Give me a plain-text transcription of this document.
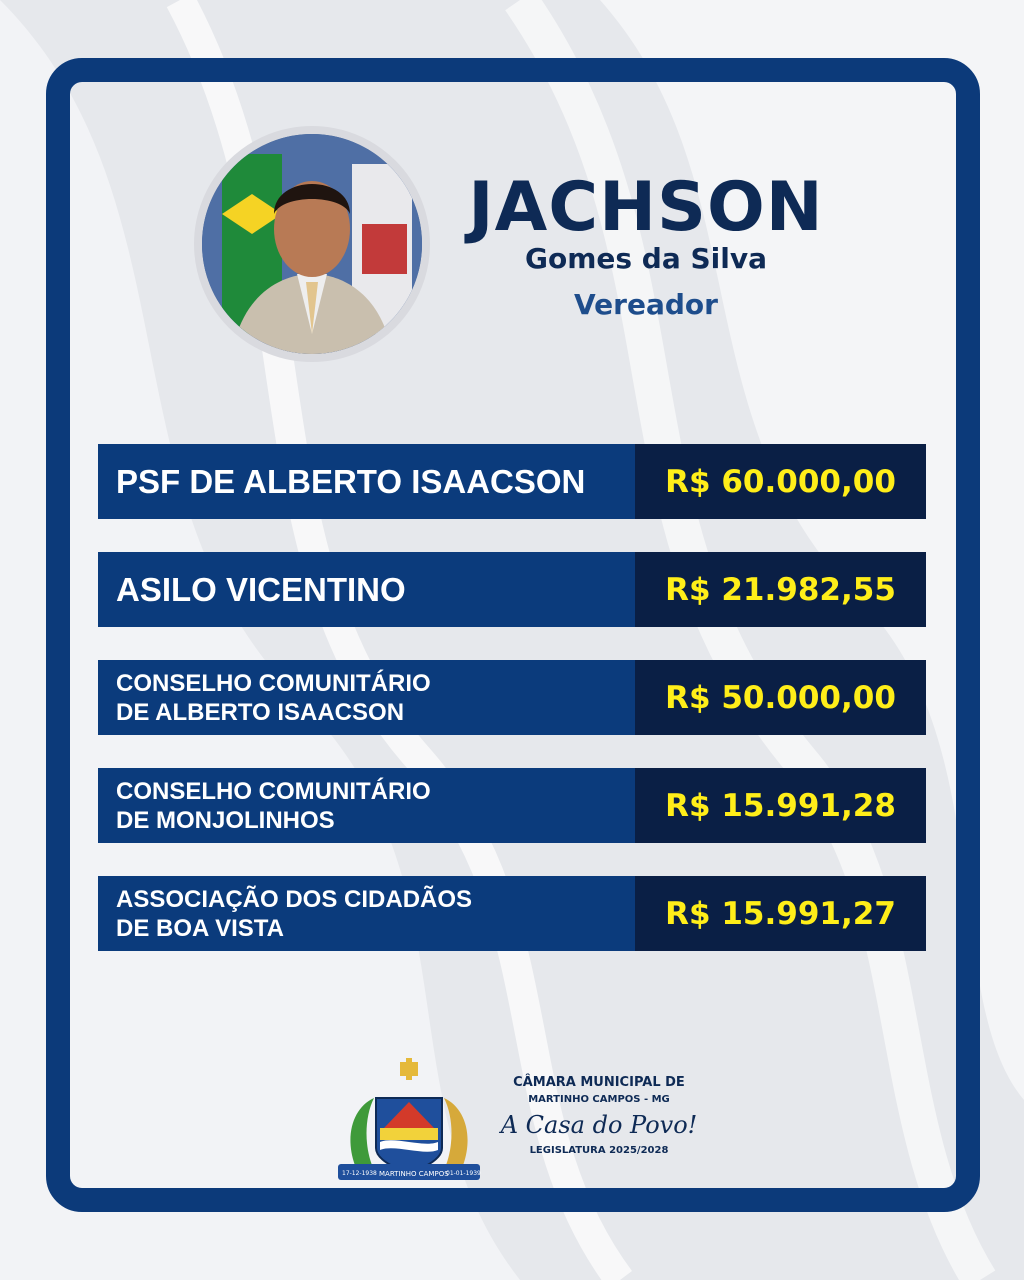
JACHSON
Gomes da Silva
Vereador
PSF DE ALBERTO ISAACSON	R$ 60.000,00
ASILO VICENTINO	R$ 21.982,55
CONSELHO COMUNITÁRIO
DE ALBERTO ISAACSON	R$ 50.000,00
CONSELHO COMUNITÁRIO
DE MONJOLINHOS	R$ 15.991,28
ASSOCIAÇÃO DOS CIDADÃOS
DE BOA VISTA	R$ 15.991,27
17-12-1938 MARTINHO CAMPOS
01-01-1939
CÂMARA MUNICIPAL DE
MARTINHO CAMPOS - MG
A Casa do Povo!
LEGISLATURA 2025/2028
